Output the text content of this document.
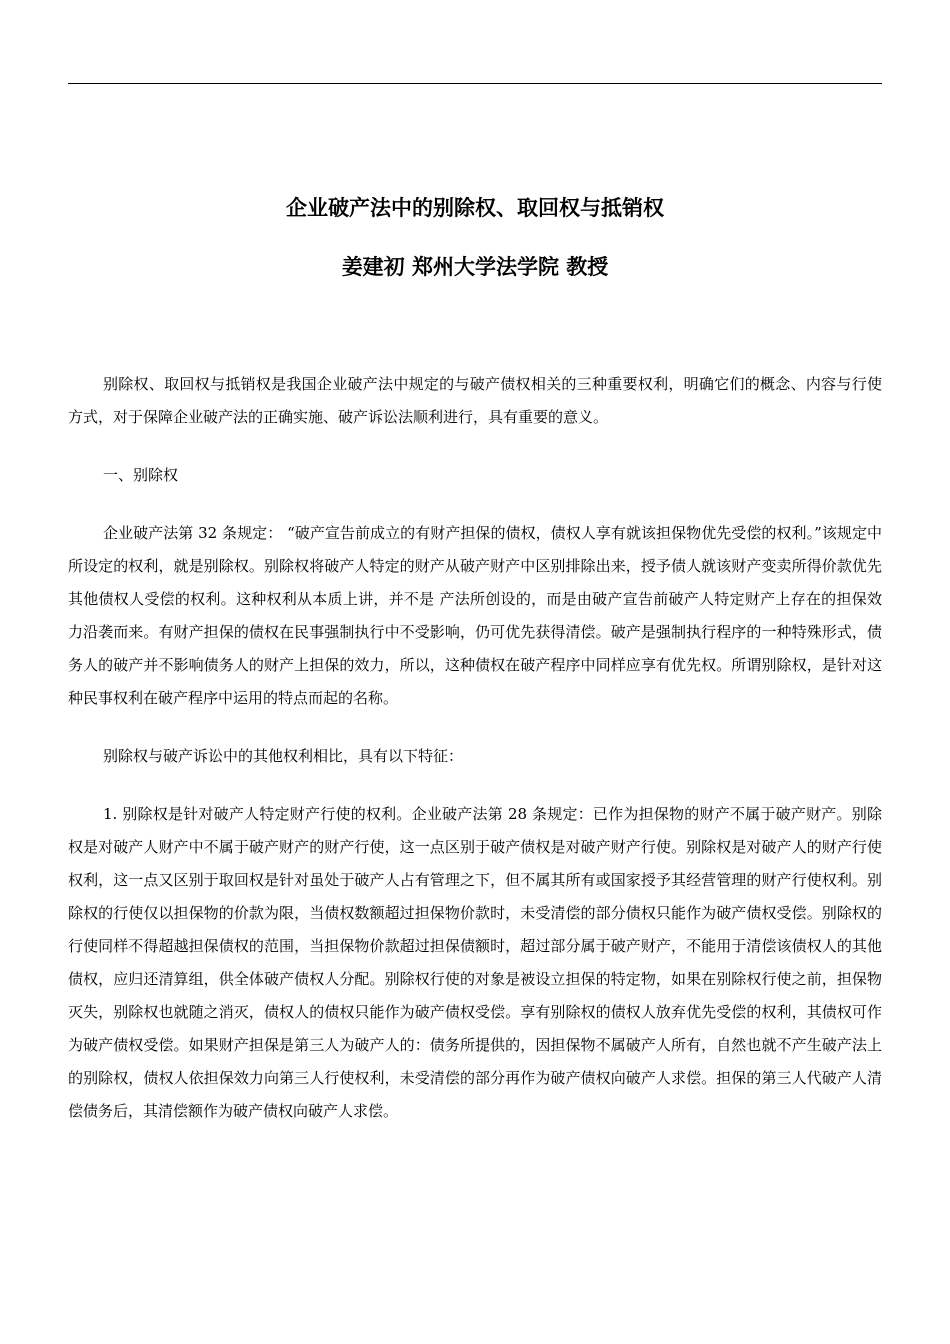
企业破产法中的别除权、取回权与抵销权
姜建初 郑州大学法学院 教授

别除权、取回权与抵销权是我国企业破产法中规定的与破产债权相关的三种重要权利，明确它们的概念、内容与行使方式，对于保障企业破产法的正确实施、破产诉讼法顺利进行，具有重要的意义。

一、别除权

企业破产法第 32 条规定： “破产宣告前成立的有财产担保的债权，债权人享有就该担保物优先受偿的权利。”该规定中所设定的权利，就是别除权。别除权将破产人特定的财产从破产财产中区别排除出来，授予债人就该财产变卖所得价款优先其他债权人受偿的权利。这种权利从本质上讲，并不是 产法所创设的，而是由破产宣告前破产人特定财产上存在的担保效力沿袭而来。有财产担保的债权在民事强制执行中不受影响，仍可优先获得清偿。破产是强制执行程序的一种特殊形式，债务人的破产并不影响债务人的财产上担保的效力，所以，这种债权在破产程序中同样应享有优先权。所谓别除权，是针对这种民事权利在破产程序中运用的特点而起的名称。

别除权与破产诉讼中的其他权利相比，具有以下特征：

1. 别除权是针对破产人特定财产行使的权利。企业破产法第 28 条规定：已作为担保物的财产不属于破产财产。别除权是对破产人财产中不属于破产财产的财产行使，这一点区别于破产债权是对破产财产行使。别除权是对破产人的财产行使权利，这一点又区别于取回权是针对虽处于破产人占有管理之下，但不属其所有或国家授予其经营管理的财产行使权利。别除权的行使仅以担保物的价款为限，当债权数额超过担保物价款时，未受清偿的部分债权只能作为破产债权受偿。别除权的行使同样不得超越担保债权的范围，当担保物价款超过担保债额时，超过部分属于破产财产，不能用于清偿该债权人的其他债权，应归还清算组，供全体破产债权人分配。别除权行使的对象是被设立担保的特定物，如果在别除权行使之前，担保物灭失，别除权也就随之消灭，债权人的债权只能作为破产债权受偿。享有别除权的债权人放弃优先受偿的权利，其债权可作为破产债权受偿。如果财产担保是第三人为破产人的：债务所提供的，因担保物不属破产人所有，自然也就不产生破产法上的别除权，债权人依担保效力向第三人行使权利，未受清偿的部分再作为破产债权向破产人求偿。担保的第三人代破产人清偿债务后，其清偿额作为破产债权向破产人求偿。
